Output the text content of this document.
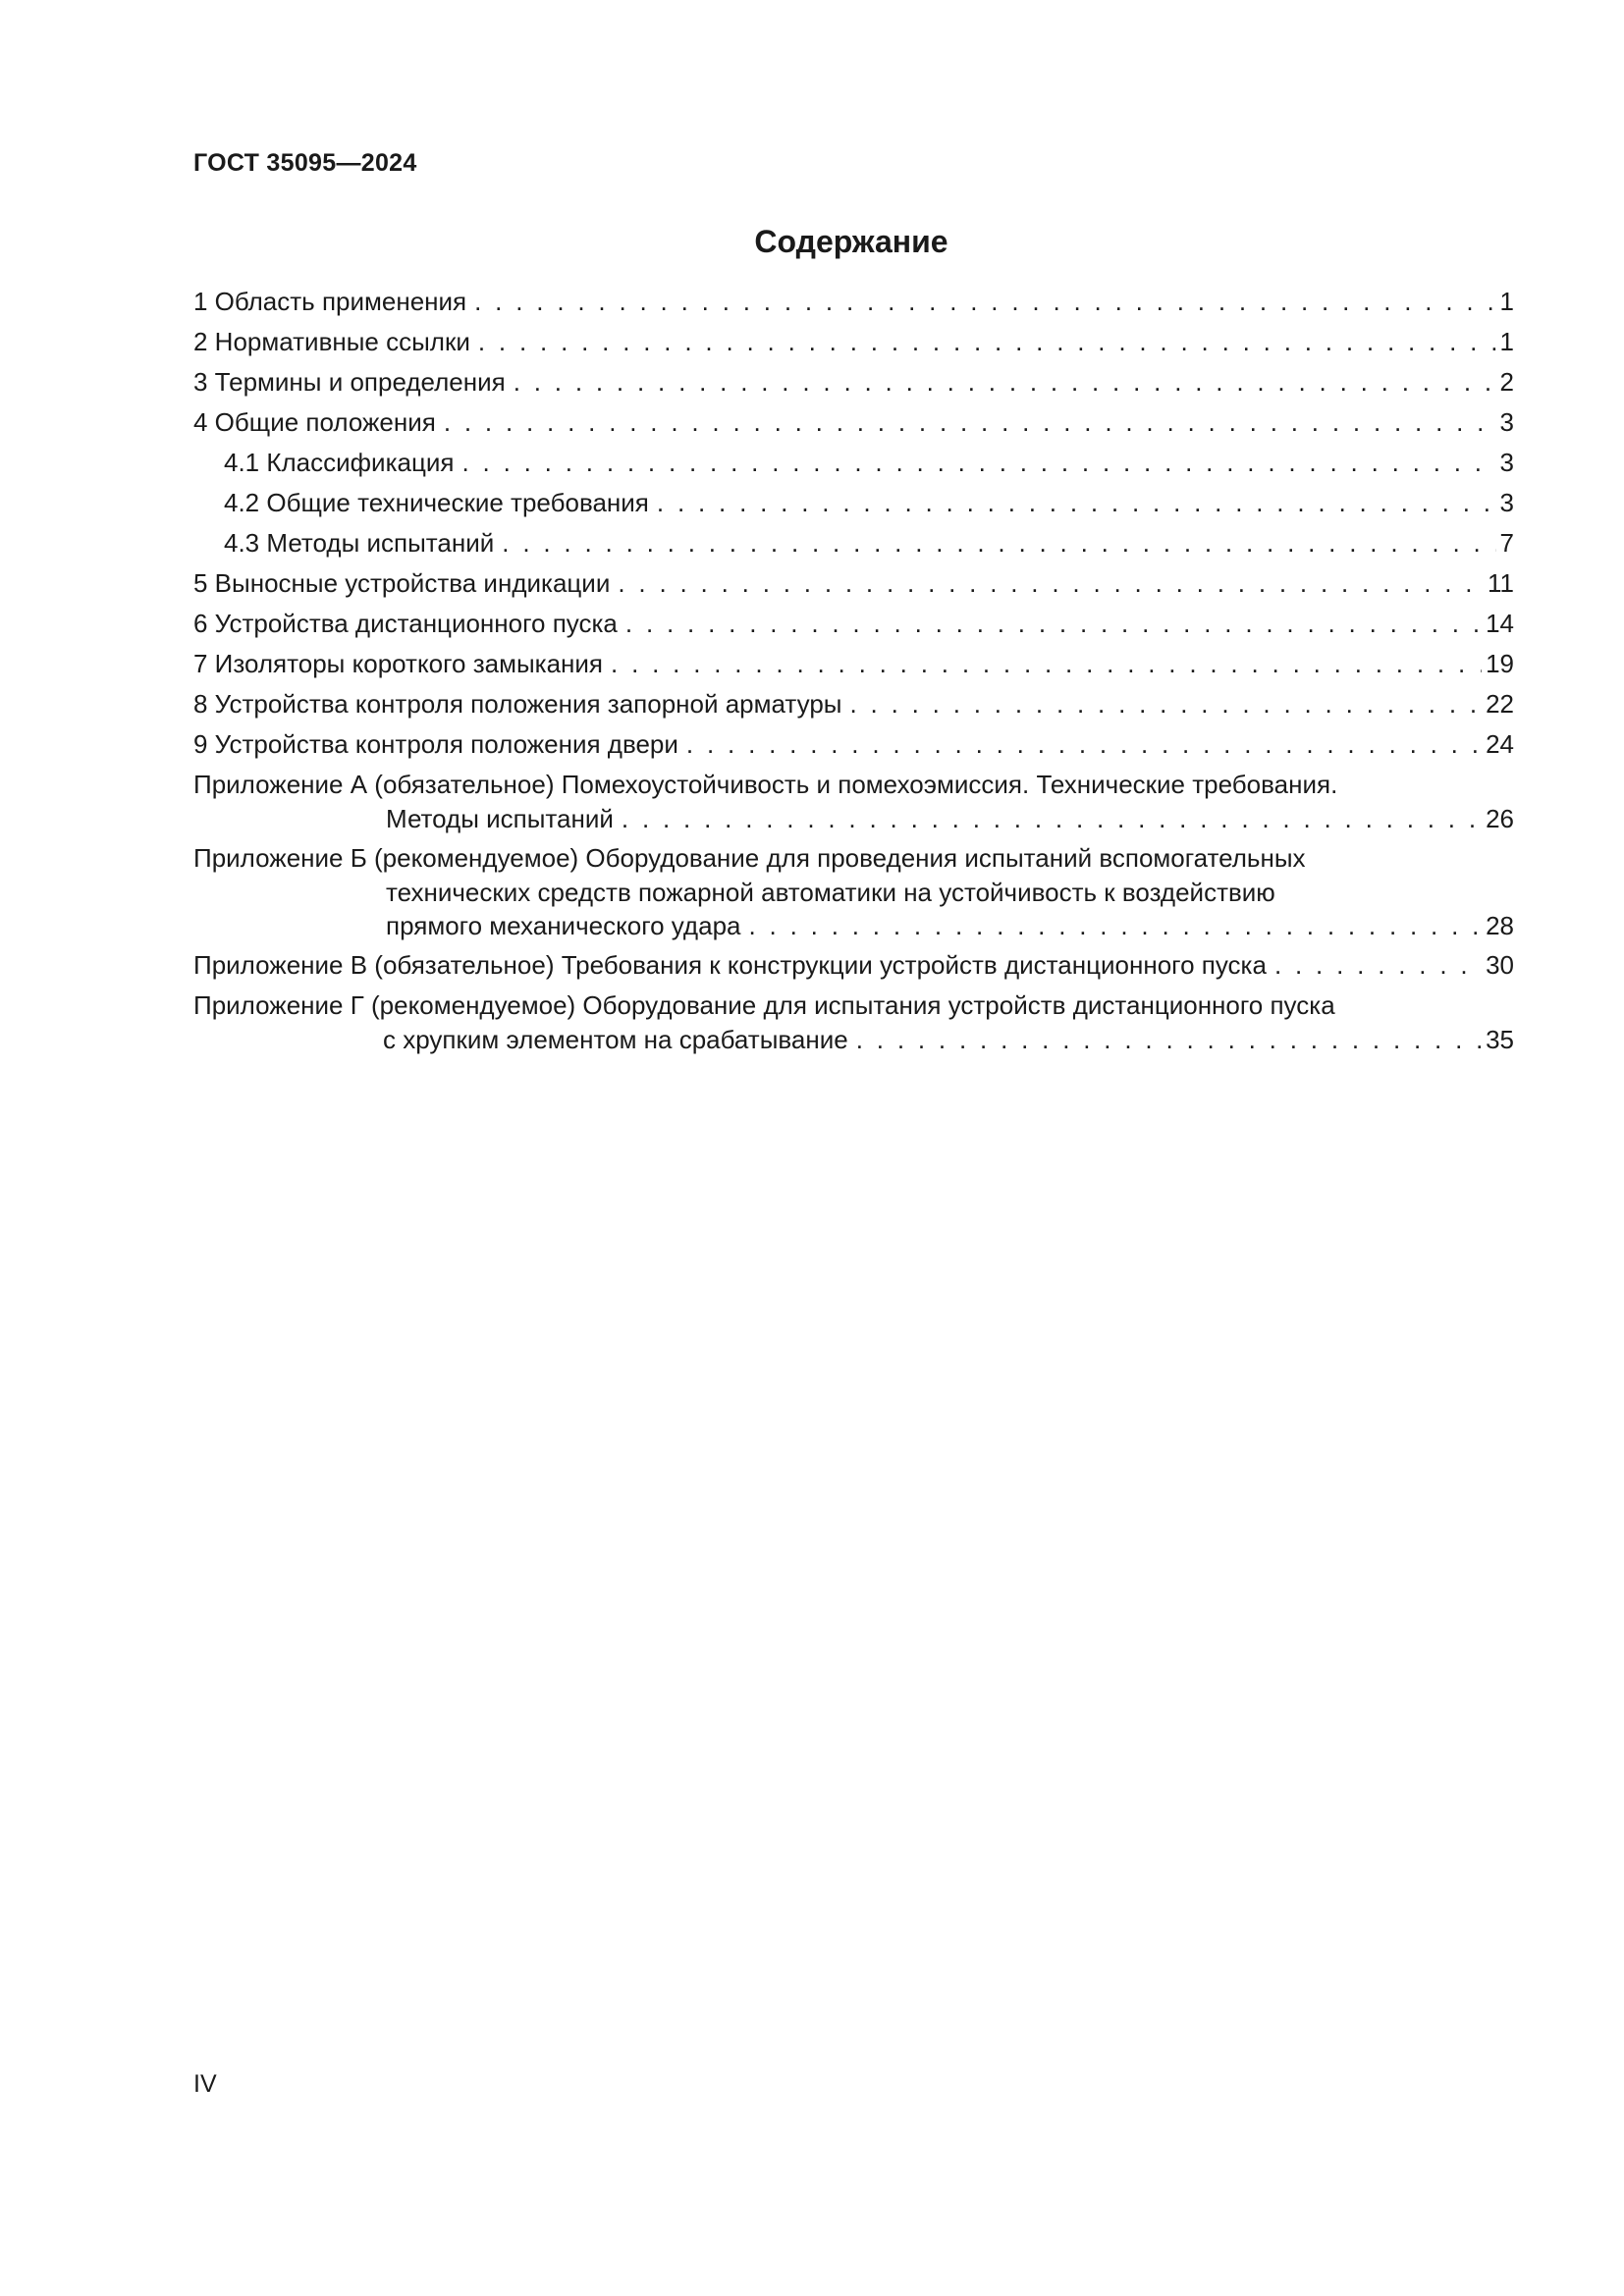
ГОСТ 35095—2024
Содержание
1 Область применения . . .	1
2 Нормативные ссылки . . .	1
3 Термины и определения . . .	2
4 Общие положения . . .	3
4.1 Классификация . . .	3
4.2 Общие технические требования . . .	3
4.3 Методы испытаний . . .	7
5 Выносные устройства индикации . . .	11
6 Устройства дистанционного пуска . . .	14
7 Изоляторы короткого замыкания . . .	19
8 Устройства контроля положения запорной арматуры . . .	22
9 Устройства контроля положения двери . . .	24
Приложение А (обязательное) Помехоустойчивость и помехоэмиссия. Технические требования.
Методы испытаний . . .	26
Приложение Б (рекомендуемое) Оборудование для проведения испытаний вспомогательных
технических средств пожарной автоматики на устойчивость к воздействию
прямого механического удара . . .	28
Приложение В (обязательное) Требования к конструкции устройств дистанционного пуска . . .	30
Приложение Г (рекомендуемое) Оборудование для испытания устройств дистанционного пуска
с хрупким элементом на срабатывание . . .	35
IV
